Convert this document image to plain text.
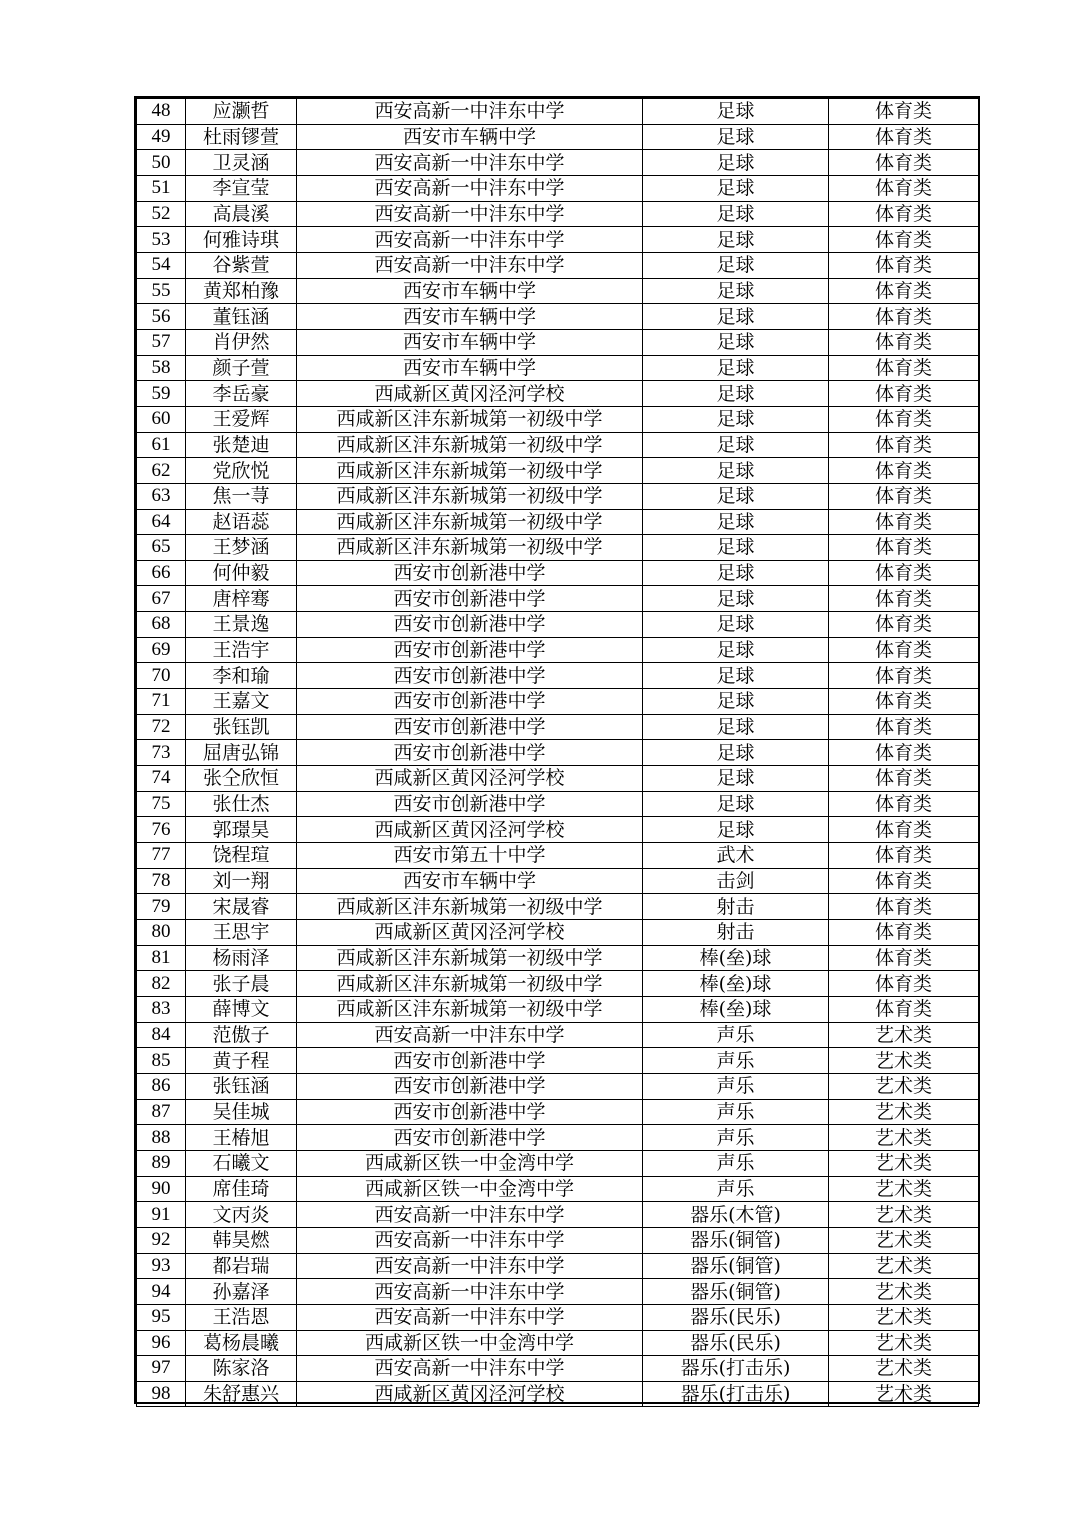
48	应灏哲	西安高新一中沣东中学	足球	体育类
49	杜雨镠萱	西安市车辆中学	足球	体育类
50	卫灵涵	西安高新一中沣东中学	足球	体育类
51	李宣莹	西安高新一中沣东中学	足球	体育类
52	高晨溪	西安高新一中沣东中学	足球	体育类
53	何雅诗琪	西安高新一中沣东中学	足球	体育类
54	谷紫萱	西安高新一中沣东中学	足球	体育类
55	黄郑柏豫	西安市车辆中学	足球	体育类
56	董钰涵	西安市车辆中学	足球	体育类
57	肖伊然	西安市车辆中学	足球	体育类
58	颜子萱	西安市车辆中学	足球	体育类
59	李岳豪	西咸新区黄冈泾河学校	足球	体育类
60	王爱辉	西咸新区沣东新城第一初级中学	足球	体育类
61	张楚迪	西咸新区沣东新城第一初级中学	足球	体育类
62	党欣悦	西咸新区沣东新城第一初级中学	足球	体育类
63	焦一荨	西咸新区沣东新城第一初级中学	足球	体育类
64	赵语蕊	西咸新区沣东新城第一初级中学	足球	体育类
65	王梦涵	西咸新区沣东新城第一初级中学	足球	体育类
66	何仲毅	西安市创新港中学	足球	体育类
67	唐梓骞	西安市创新港中学	足球	体育类
68	王景逸	西安市创新港中学	足球	体育类
69	王浩宇	西安市创新港中学	足球	体育类
70	李和瑜	西安市创新港中学	足球	体育类
71	王嘉文	西安市创新港中学	足球	体育类
72	张钰凯	西安市创新港中学	足球	体育类
73	屈唐弘锦	西安市创新港中学	足球	体育类
74	张仝欣恒	西咸新区黄冈泾河学校	足球	体育类
75	张仕杰	西安市创新港中学	足球	体育类
76	郭璟昊	西咸新区黄冈泾河学校	足球	体育类
77	饶程瑄	西安市第五十中学	武术	体育类
78	刘一翔	西安市车辆中学	击剑	体育类
79	宋晟睿	西咸新区沣东新城第一初级中学	射击	体育类
80	王思宇	西咸新区黄冈泾河学校	射击	体育类
81	杨雨泽	西咸新区沣东新城第一初级中学	棒(垒)球	体育类
82	张子晨	西咸新区沣东新城第一初级中学	棒(垒)球	体育类
83	薛博文	西咸新区沣东新城第一初级中学	棒(垒)球	体育类
84	范傲子	西安高新一中沣东中学	声乐	艺术类
85	黄子程	西安市创新港中学	声乐	艺术类
86	张钰涵	西安市创新港中学	声乐	艺术类
87	吴佳城	西安市创新港中学	声乐	艺术类
88	王椿旭	西安市创新港中学	声乐	艺术类
89	石曦文	西咸新区铁一中金湾中学	声乐	艺术类
90	席佳琦	西咸新区铁一中金湾中学	声乐	艺术类
91	文丙炎	西安高新一中沣东中学	器乐(木管)	艺术类
92	韩昊燃	西安高新一中沣东中学	器乐(铜管)	艺术类
93	都岩瑞	西安高新一中沣东中学	器乐(铜管)	艺术类
94	孙嘉泽	西安高新一中沣东中学	器乐(铜管)	艺术类
95	王浩恩	西安高新一中沣东中学	器乐(民乐)	艺术类
96	葛杨晨曦	西咸新区铁一中金湾中学	器乐(民乐)	艺术类
97	陈家洛	西安高新一中沣东中学	器乐(打击乐)	艺术类
98	朱舒惠兴	西咸新区黄冈泾河学校	器乐(打击乐)	艺术类
